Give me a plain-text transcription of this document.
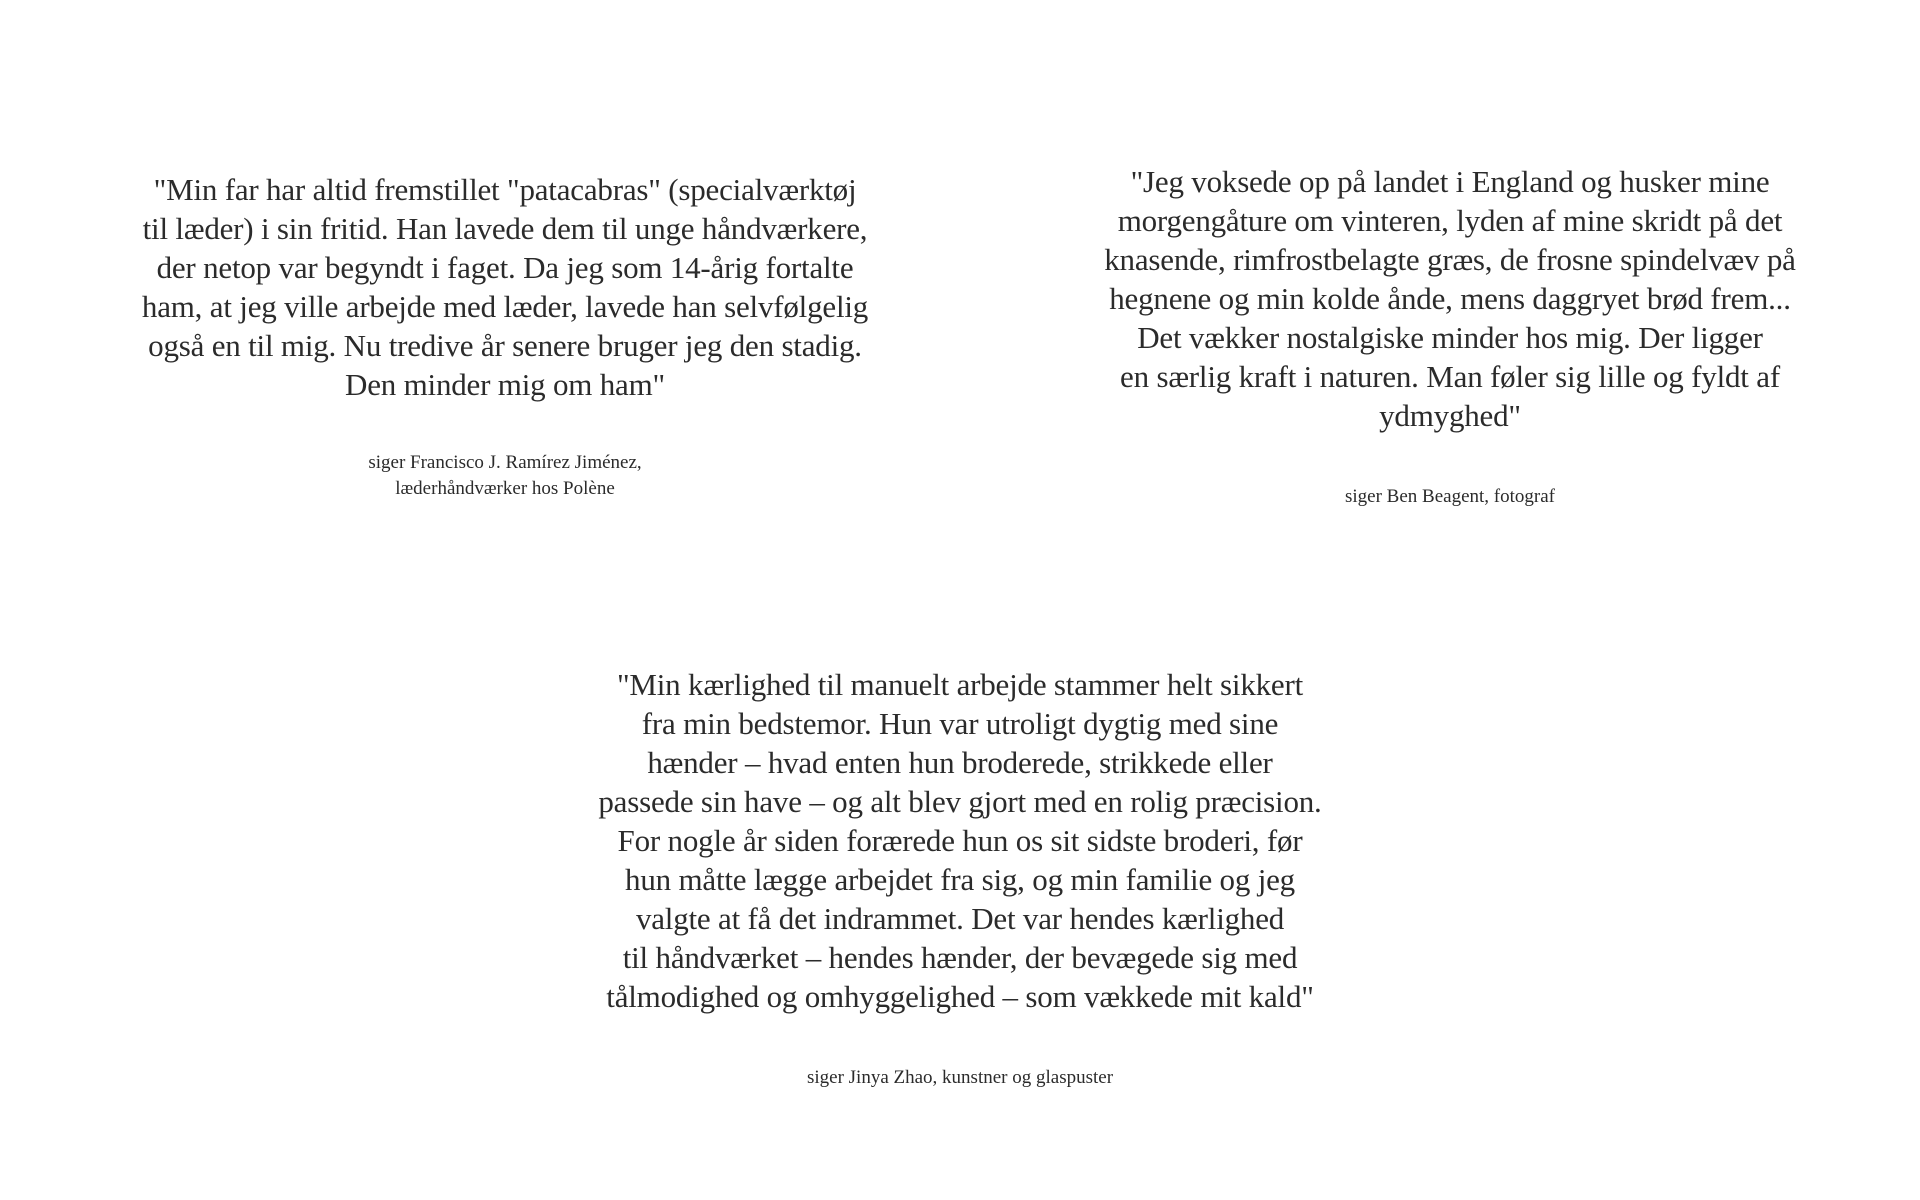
"Min far har altid fremstillet "patacabras" (specialværktøj
til læder) i sin fritid. Han lavede dem til unge håndværkere,
der netop var begyndt i faget. Da jeg som 14-årig fortalte
ham, at jeg ville arbejde med læder, lavede han selvfølgelig
også en til mig. Nu tredive år senere bruger jeg den stadig.
Den minder mig om ham"

siger Francisco J. Ramírez Jiménez,
læderhåndværker hos Polène

"Jeg voksede op på landet i England og husker mine
morgengåture om vinteren, lyden af mine skridt på det
knasende, rimfrostbelagte græs, de frosne spindelvæv på
hegnene og min kolde ånde, mens daggryet brød frem...
Det vækker nostalgiske minder hos mig. Der ligger
en særlig kraft i naturen. Man føler sig lille og fyldt af
ydmyghed"

siger Ben Beagent, fotograf

"Min kærlighed til manuelt arbejde stammer helt sikkert
fra min bedstemor. Hun var utroligt dygtig med sine
hænder – hvad enten hun broderede, strikkede eller
passede sin have – og alt blev gjort med en rolig præcision.
For nogle år siden forærede hun os sit sidste broderi, før
hun måtte lægge arbejdet fra sig, og min familie og jeg
valgte at få det indrammet. Det var hendes kærlighed
til håndværket – hendes hænder, der bevægede sig med
tålmodighed og omhyggelighed – som vækkede mit kald"

siger Jinya Zhao, kunstner og glaspuster
